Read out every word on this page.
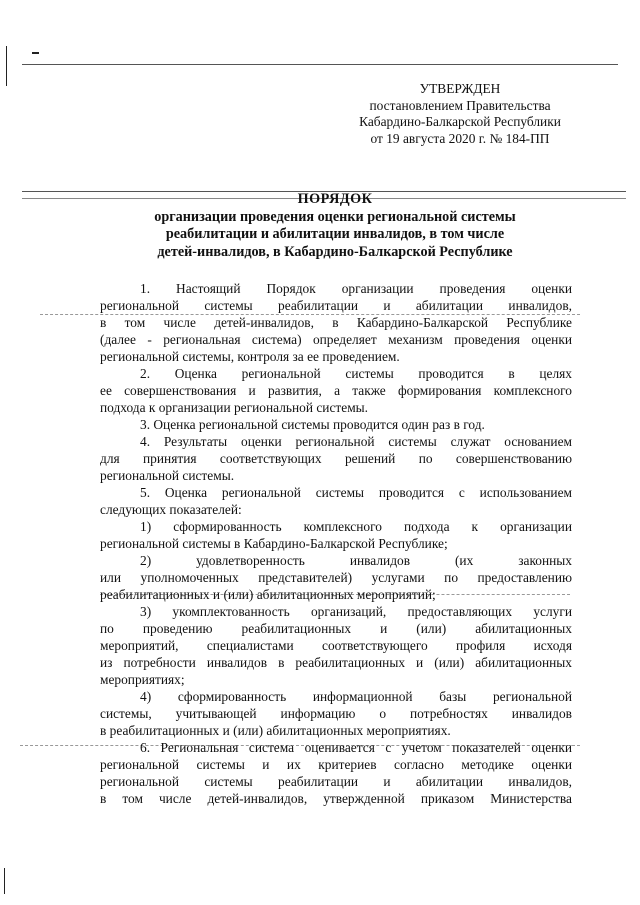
УТВЕРЖДЕН
постановлением Правительства
Кабардино-Балкарской Республики
от 19 августа 2020 г. № 184-ПП
ПОРЯДОК
организации проведения оценки региональной системы
реабилитации и абилитации инвалидов, в том числе
детей-инвалидов, в Кабардино-Балкарской Республике
1. Настоящий Порядок организации проведения оценки
региональной системы реабилитации и абилитации инвалидов,
в том числе детей-инвалидов, в Кабардино-Балкарской Республике
(далее - региональная система) определяет механизм проведения оценки
региональной системы, контроля за ее проведением.
2. Оценка региональной системы проводится в целях
ее совершенствования и развития, а также формирования комплексного
подхода к организации региональной системы.
3. Оценка региональной системы проводится один раз в год.
4. Результаты оценки региональной системы служат основанием
для принятия соответствующих решений по совершенствованию
региональной системы.
5. Оценка региональной системы проводится с использованием
следующих показателей:
1) сформированность комплексного подхода к организации
региональной системы в Кабардино-Балкарской Республике;
2) удовлетворенность инвалидов (их законных
или уполномоченных представителей) услугами по предоставлению
реабилитационных и (или) абилитационных мероприятий;
3) укомплектованность организаций, предоставляющих услуги
по проведению реабилитационных и (или) абилитационных
мероприятий, специалистами соответствующего профиля исходя
из потребности инвалидов в реабилитационных и (или) абилитационных
мероприятиях;
4) сформированность информационной базы региональной
системы, учитывающей информацию о потребностях инвалидов
в реабилитационных и (или) абилитационных мероприятиях.
6. Региональная система оценивается с учетом показателей оценки
региональной системы и их критериев согласно методике оценки
региональной системы реабилитации и абилитации инвалидов,
в том числе детей-инвалидов, утвержденной приказом Министерства
